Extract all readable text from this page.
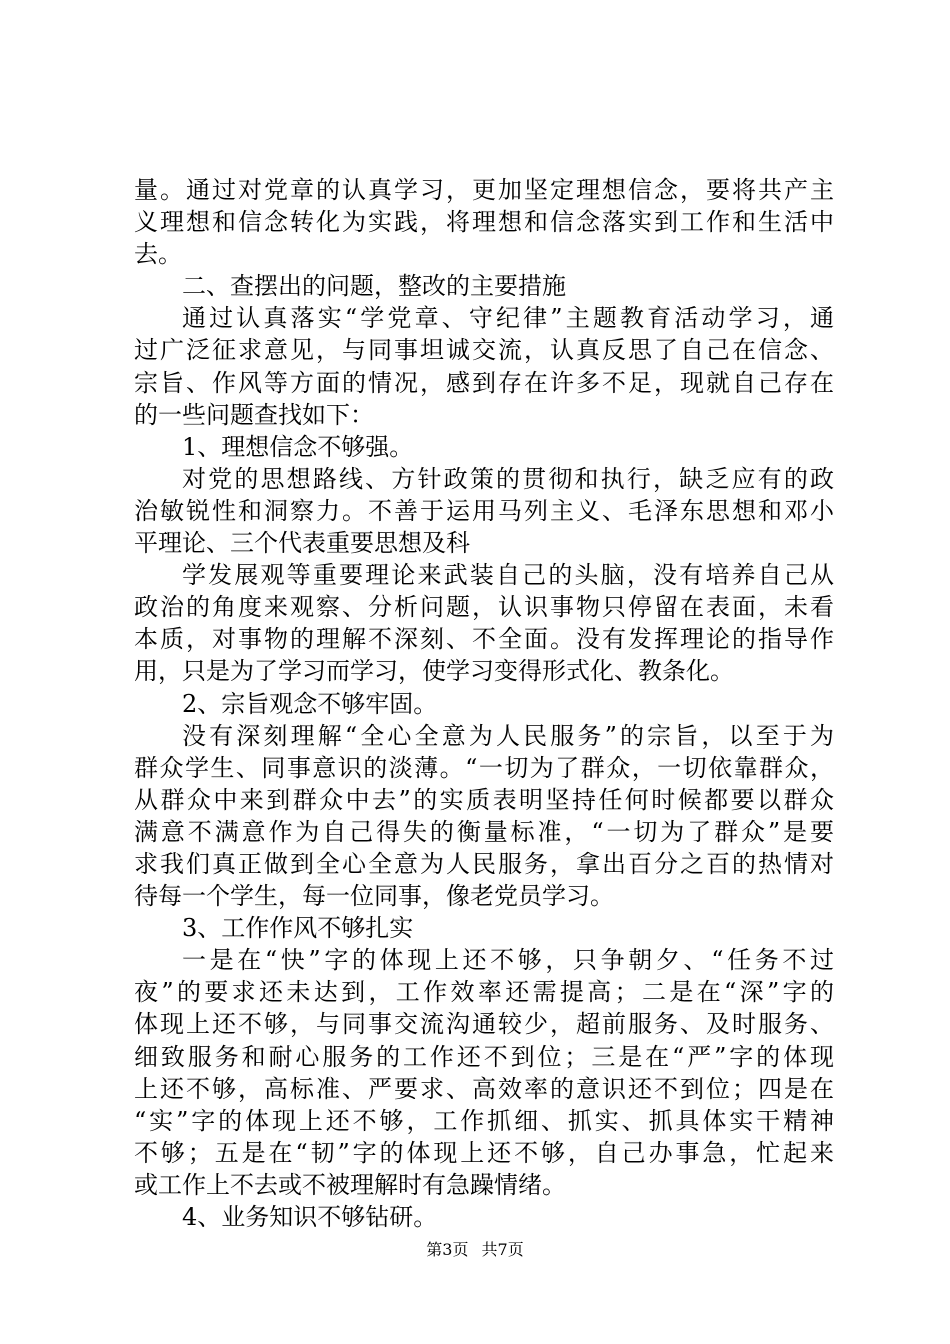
量。通过对党章的认真学习，更加坚定理想信念，要将共产主
义理想和信念转化为实践，将理想和信念落实到工作和生活中
去。
二、查摆出的问题，整改的主要措施
通过认真落实“学党章、守纪律”主题教育活动学习，通
过广泛征求意见，与同事坦诚交流，认真反思了自己在信念、
宗旨、作风等方面的情况，感到存在许多不足，现就自己存在
的一些问题查找如下：
1、理想信念不够强。
对党的思想路线、方针政策的贯彻和执行，缺乏应有的政
治敏锐性和洞察力。不善于运用马列主义、毛泽东思想和邓小
平理论、三个代表重要思想及科
学发展观等重要理论来武装自己的头脑，没有培养自己从
政治的角度来观察、分析问题，认识事物只停留在表面，未看
本质，对事物的理解不深刻、不全面。没有发挥理论的指导作
用，只是为了学习而学习，使学习变得形式化、教条化。
2、宗旨观念不够牢固。
没有深刻理解“全心全意为人民服务”的宗旨，以至于为
群众学生、同事意识的淡薄。“一切为了群众，一切依靠群众，
从群众中来到群众中去”的实质表明坚持任何时候都要以群众
满意不满意作为自己得失的衡量标准，“一切为了群众”是要
求我们真正做到全心全意为人民服务，拿出百分之百的热情对
待每一个学生，每一位同事，像老党员学习。
3、工作作风不够扎实
一是在“快”字的体现上还不够，只争朝夕、“任务不过
夜”的要求还未达到，工作效率还需提高；二是在“深”字的
体现上还不够，与同事交流沟通较少，超前服务、及时服务、
细致服务和耐心服务的工作还不到位；三是在“严”字的体现
上还不够，高标准、严要求、高效率的意识还不到位；四是在
“实”字的体现上还不够，工作抓细、抓实、抓具体实干精神
不够；五是在“韧”字的体现上还不够，自己办事急，忙起来
或工作上不去或不被理解时有急躁情绪。
4、业务知识不够钻研。
第3页 共7页
